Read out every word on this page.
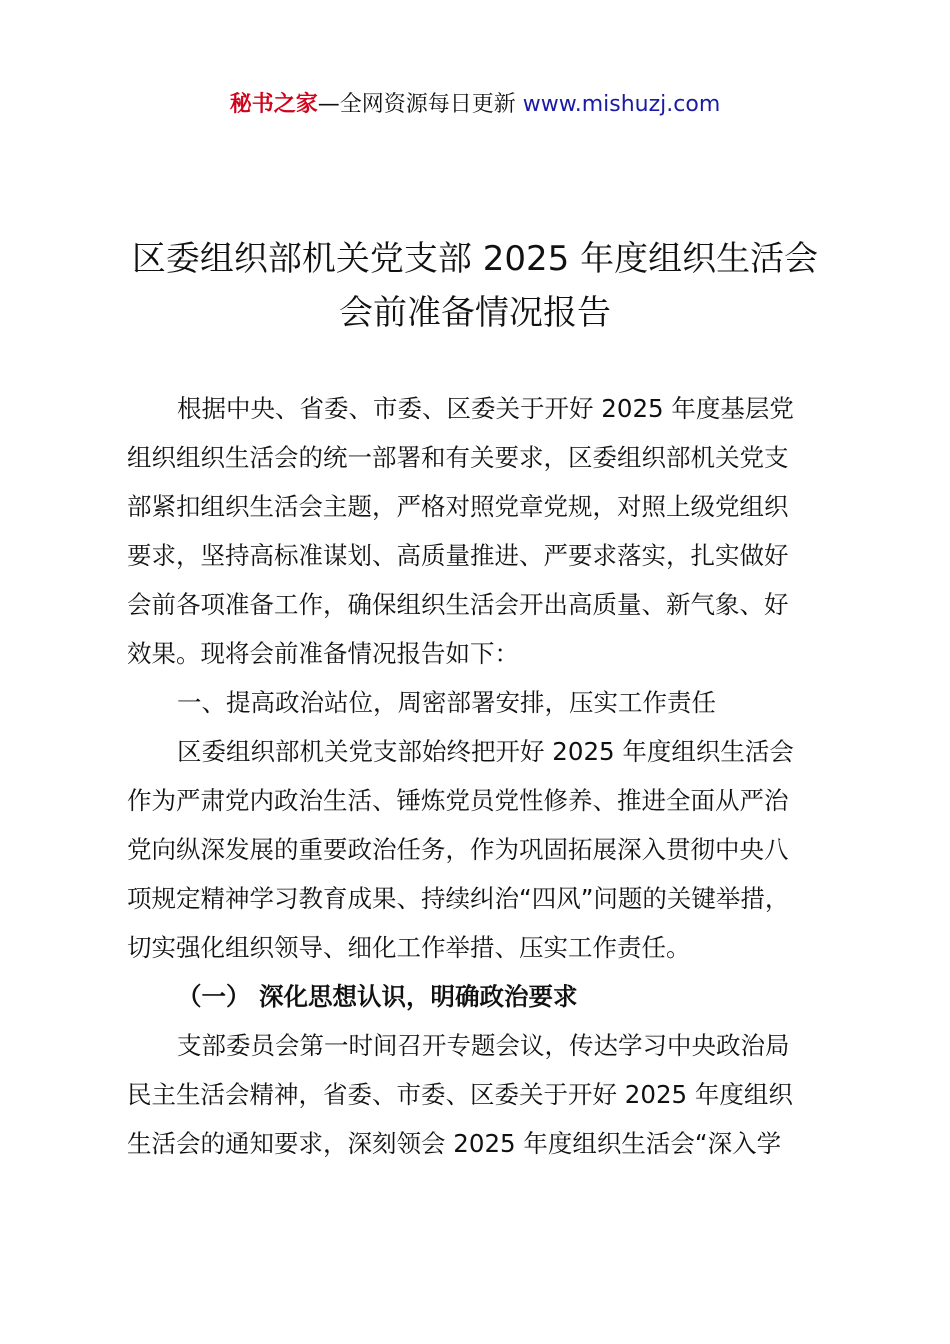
秘书之家—全网资源每日更新 www.mishuzj.com
区委组织部机关党支部 2025 年度组织生活会
会前准备情况报告
根据中央、省委、市委、区委关于开好 2025 年度基层党
组织组织生活会的统一部署和有关要求，区委组织部机关党支
部紧扣组织生活会主题，严格对照党章党规，对照上级党组织
要求，坚持高标准谋划、高质量推进、严要求落实，扎实做好
会前各项准备工作，确保组织生活会开出高质量、新气象、好
效果。现将会前准备情况报告如下：
一、提高政治站位，周密部署安排，压实工作责任
区委组织部机关党支部始终把开好 2025 年度组织生活会
作为严肃党内政治生活、锤炼党员党性修养、推进全面从严治
党向纵深发展的重要政治任务，作为巩固拓展深入贯彻中央八
项规定精神学习教育成果、持续纠治“四风”问题的关键举措，
切实强化组织领导、细化工作举措、压实工作责任。
（一） 深化思想认识，明确政治要求
支部委员会第一时间召开专题会议，传达学习中央政治局
民主生活会精神，省委、市委、区委关于开好 2025 年度组织
生活会的通知要求，深刻领会 2025 年度组织生活会“深入学
